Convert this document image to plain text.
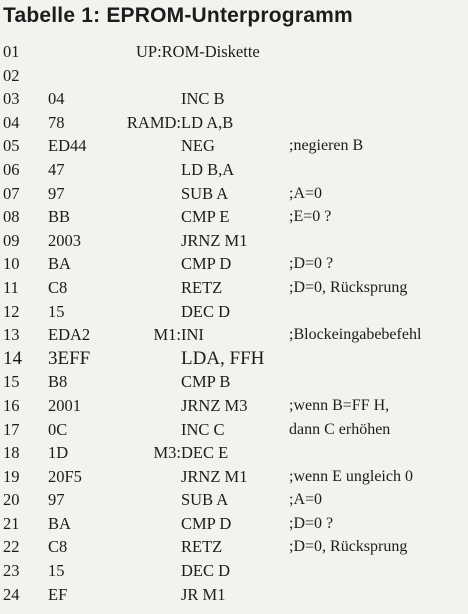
Tabelle 1: EPROM-Unterprogramm
01	UP:ROM-Diskette
02
03 04	INC B
04 78	RAMD: LD A,B
05 ED44	NEG	;negieren B
06 47	LD B,A
07 97	SUB A	;A=0
08 BB	CMP E	;E=0 ?
09 2003	JRNZ M1
10 BA	CMP D	;D=0 ?
11 C8	RETZ	;D=0, Rücksprung
12 15	DEC D
13 EDA2	M1: INI	;Blockeingabebefehl
14 3EFF	LDA, FFH
15 B8	CMP B
16 2001	JRNZ M3	;wenn B=FF H,
17 0C	INC C	dann C erhöhen
18 1D	M3: DEC E
19 20F5	JRNZ M1	;wenn E ungleich 0
20 97	SUB A	;A=0
21 BA	CMP D	;D=0 ?
22 C8	RETZ	;D=0, Rücksprung
23 15	DEC D
24 EF	JR M1
